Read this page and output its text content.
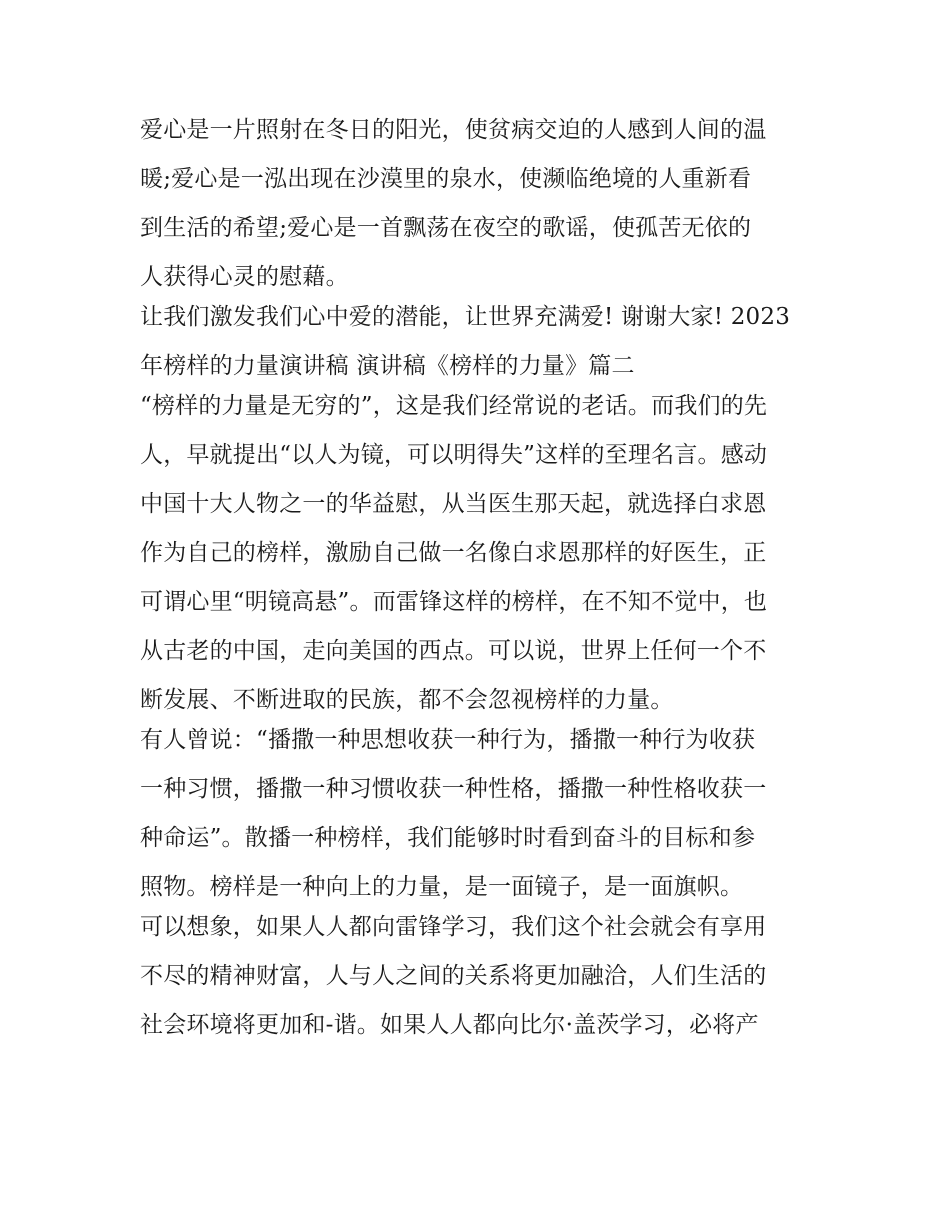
爱心是一片照射在冬日的阳光，使贫病交迫的人感到人间的温
暖;爱心是一泓出现在沙漠里的泉水，使濒临绝境的人重新看
到生活的希望;爱心是一首飘荡在夜空的歌谣，使孤苦无依的
人获得心灵的慰藉。
让我们激发我们心中爱的潜能，让世界充满爱! 谢谢大家! 2023
年榜样的力量演讲稿 演讲稿《榜样的力量》篇二
“榜样的力量是无穷的”，这是我们经常说的老话。而我们的先
人，早就提出“以人为镜，可以明得失”这样的至理名言。感动
中国十大人物之一的华益慰，从当医生那天起，就选择白求恩
作为自己的榜样，激励自己做一名像白求恩那样的好医生，正
可谓心里“明镜高悬”。而雷锋这样的榜样，在不知不觉中，也
从古老的中国，走向美国的西点。可以说，世界上任何一个不
断发展、不断进取的民族，都不会忽视榜样的力量。
有人曾说：“播撒一种思想收获一种行为，播撒一种行为收获
一种习惯，播撒一种习惯收获一种性格，播撒一种性格收获一
种命运”。散播一种榜样，我们能够时时看到奋斗的目标和参
照物。榜样是一种向上的力量，是一面镜子，是一面旗帜。
可以想象，如果人人都向雷锋学习，我们这个社会就会有享用
不尽的精神财富，人与人之间的关系将更加融洽，人们生活的
社会环境将更加和-谐。如果人人都向比尔·盖茨学习，必将产
